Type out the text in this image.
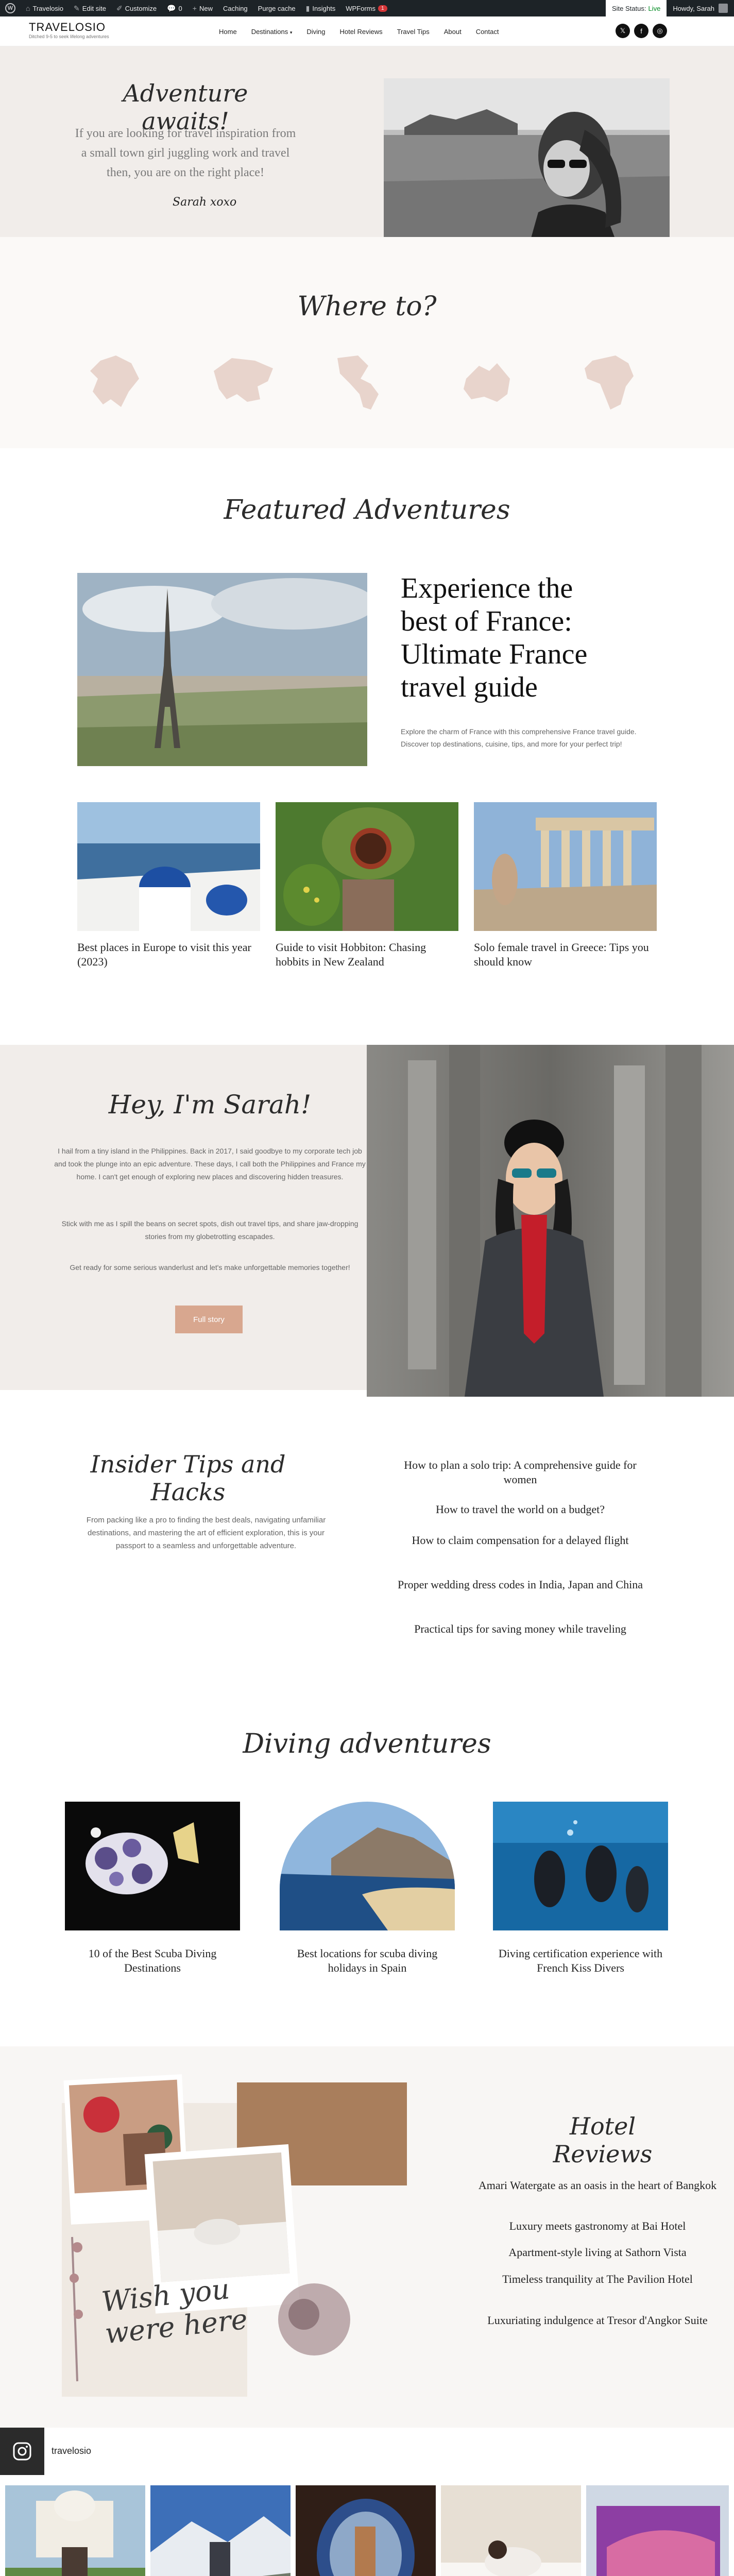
W	⌂ Travelosio ✎ Edit site ✐ Customize 💬 0 + New Caching Purge cache ▮ Insights WPForms	1	Site Status: Live Howdy, Sarah
TRAVELOSIO
Ditched 9-5 to seek lifelong adventures
Home Destinations ▾ Diving Hotel Reviews Travel Tips About Contact	𝕏	f	◎
Adventure awaits!
If you are looking for travel inspiration from a small town girl juggling work and travel then, you are on the right place!
Sarah xoxo
Where to?
Featured Adventures
Experience the best of France: Ultimate France travel guide
Explore the charm of France with this comprehensive France travel guide. Discover top destinations, cuisine, tips, and more for your perfect trip!
Best places in Europe to visit this year (2023)
Guide to visit Hobbiton: Chasing hobbits in New Zealand
Solo female travel in Greece: Tips you should know
Hey, I'm Sarah!
I hail from a tiny island in the Philippines. Back in 2017, I said goodbye to my corporate tech job and took the plunge into an epic adventure. These days, I call both the Philippines and France my home. I can't get enough of exploring new places and discovering hidden treasures.
Stick with me as I spill the beans on secret spots, dish out travel tips, and share jaw-dropping stories from my globetrotting escapades.
Get ready for some serious wanderlust and let's make unforgettable memories together!
Full story
Insider Tips and Hacks
From packing like a pro to finding the best deals, navigating unfamiliar destinations, and mastering the art of efficient exploration, this is your passport to a seamless and unforgettable adventure.
How to plan a solo trip: A comprehensive guide for women
How to travel the world on a budget?
How to claim compensation for a delayed flight
Proper wedding dress codes in India, Japan and China
Practical tips for saving money while traveling
Diving adventures
10 of the Best Scuba Diving Destinations
Best locations for scuba diving holidays in Spain
Diving certification experience with French Kiss Divers
Wish you were here
Hotel Reviews
Amari Watergate as an oasis in the heart of Bangkok
Luxury meets gastronomy at Bai Hotel
Apartment-style living at Sathorn Vista
Timeless tranquility at The Pavilion Hotel
Luxuriating indulgence at Tresor d'Angkor Suite
travelosio
